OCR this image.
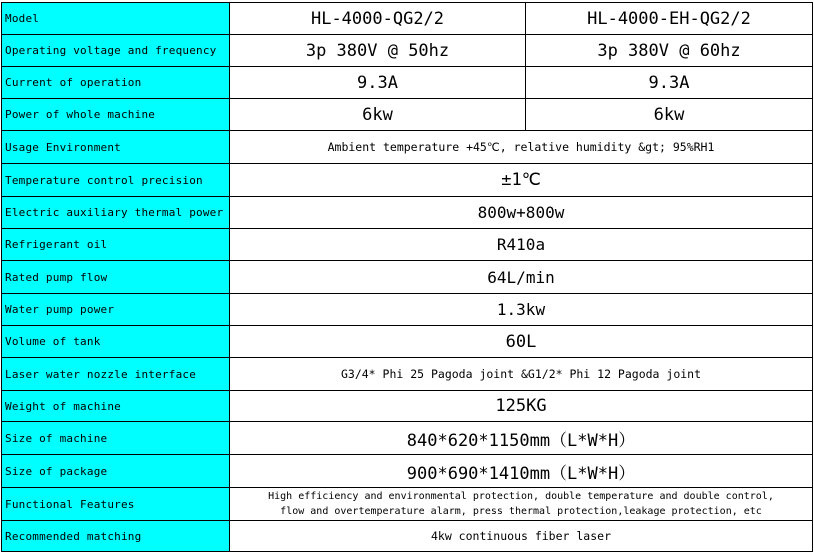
Model	HL-4000-QG2/2	HL-4000-EH-QG2/2
Operating voltage and frequency	3p 380V @ 50hz	3p 380V @ 60hz
Current of operation	9.3A	9.3A
Power of whole machine	6kw	6kw
Usage Environment	Ambient temperature +45℃, relative humidity &gt; 95%RH1	
Temperature control precision	±1℃	
Electric auxiliary thermal power	800w+800w	
Refrigerant oil	R410a	
Rated pump flow	64L/min	
Water pump power	1.3kw	
Volume of tank	60L	
Laser water nozzle interface	G3/4* Phi 25 Pagoda joint &G1/2* Phi 12 Pagoda joint	
Weight of machine	125KG	
Size of machine	840*620*1150mm（L*W*H）	
Size of package	900*690*1410mm（L*W*H）	
Functional Features	High efficiency and environmental protection, double temperature and double control,
flow and overtemperature alarm, press thermal protection,leakage protection, etc	

Recommended matching	4kw continuous fiber laser	
